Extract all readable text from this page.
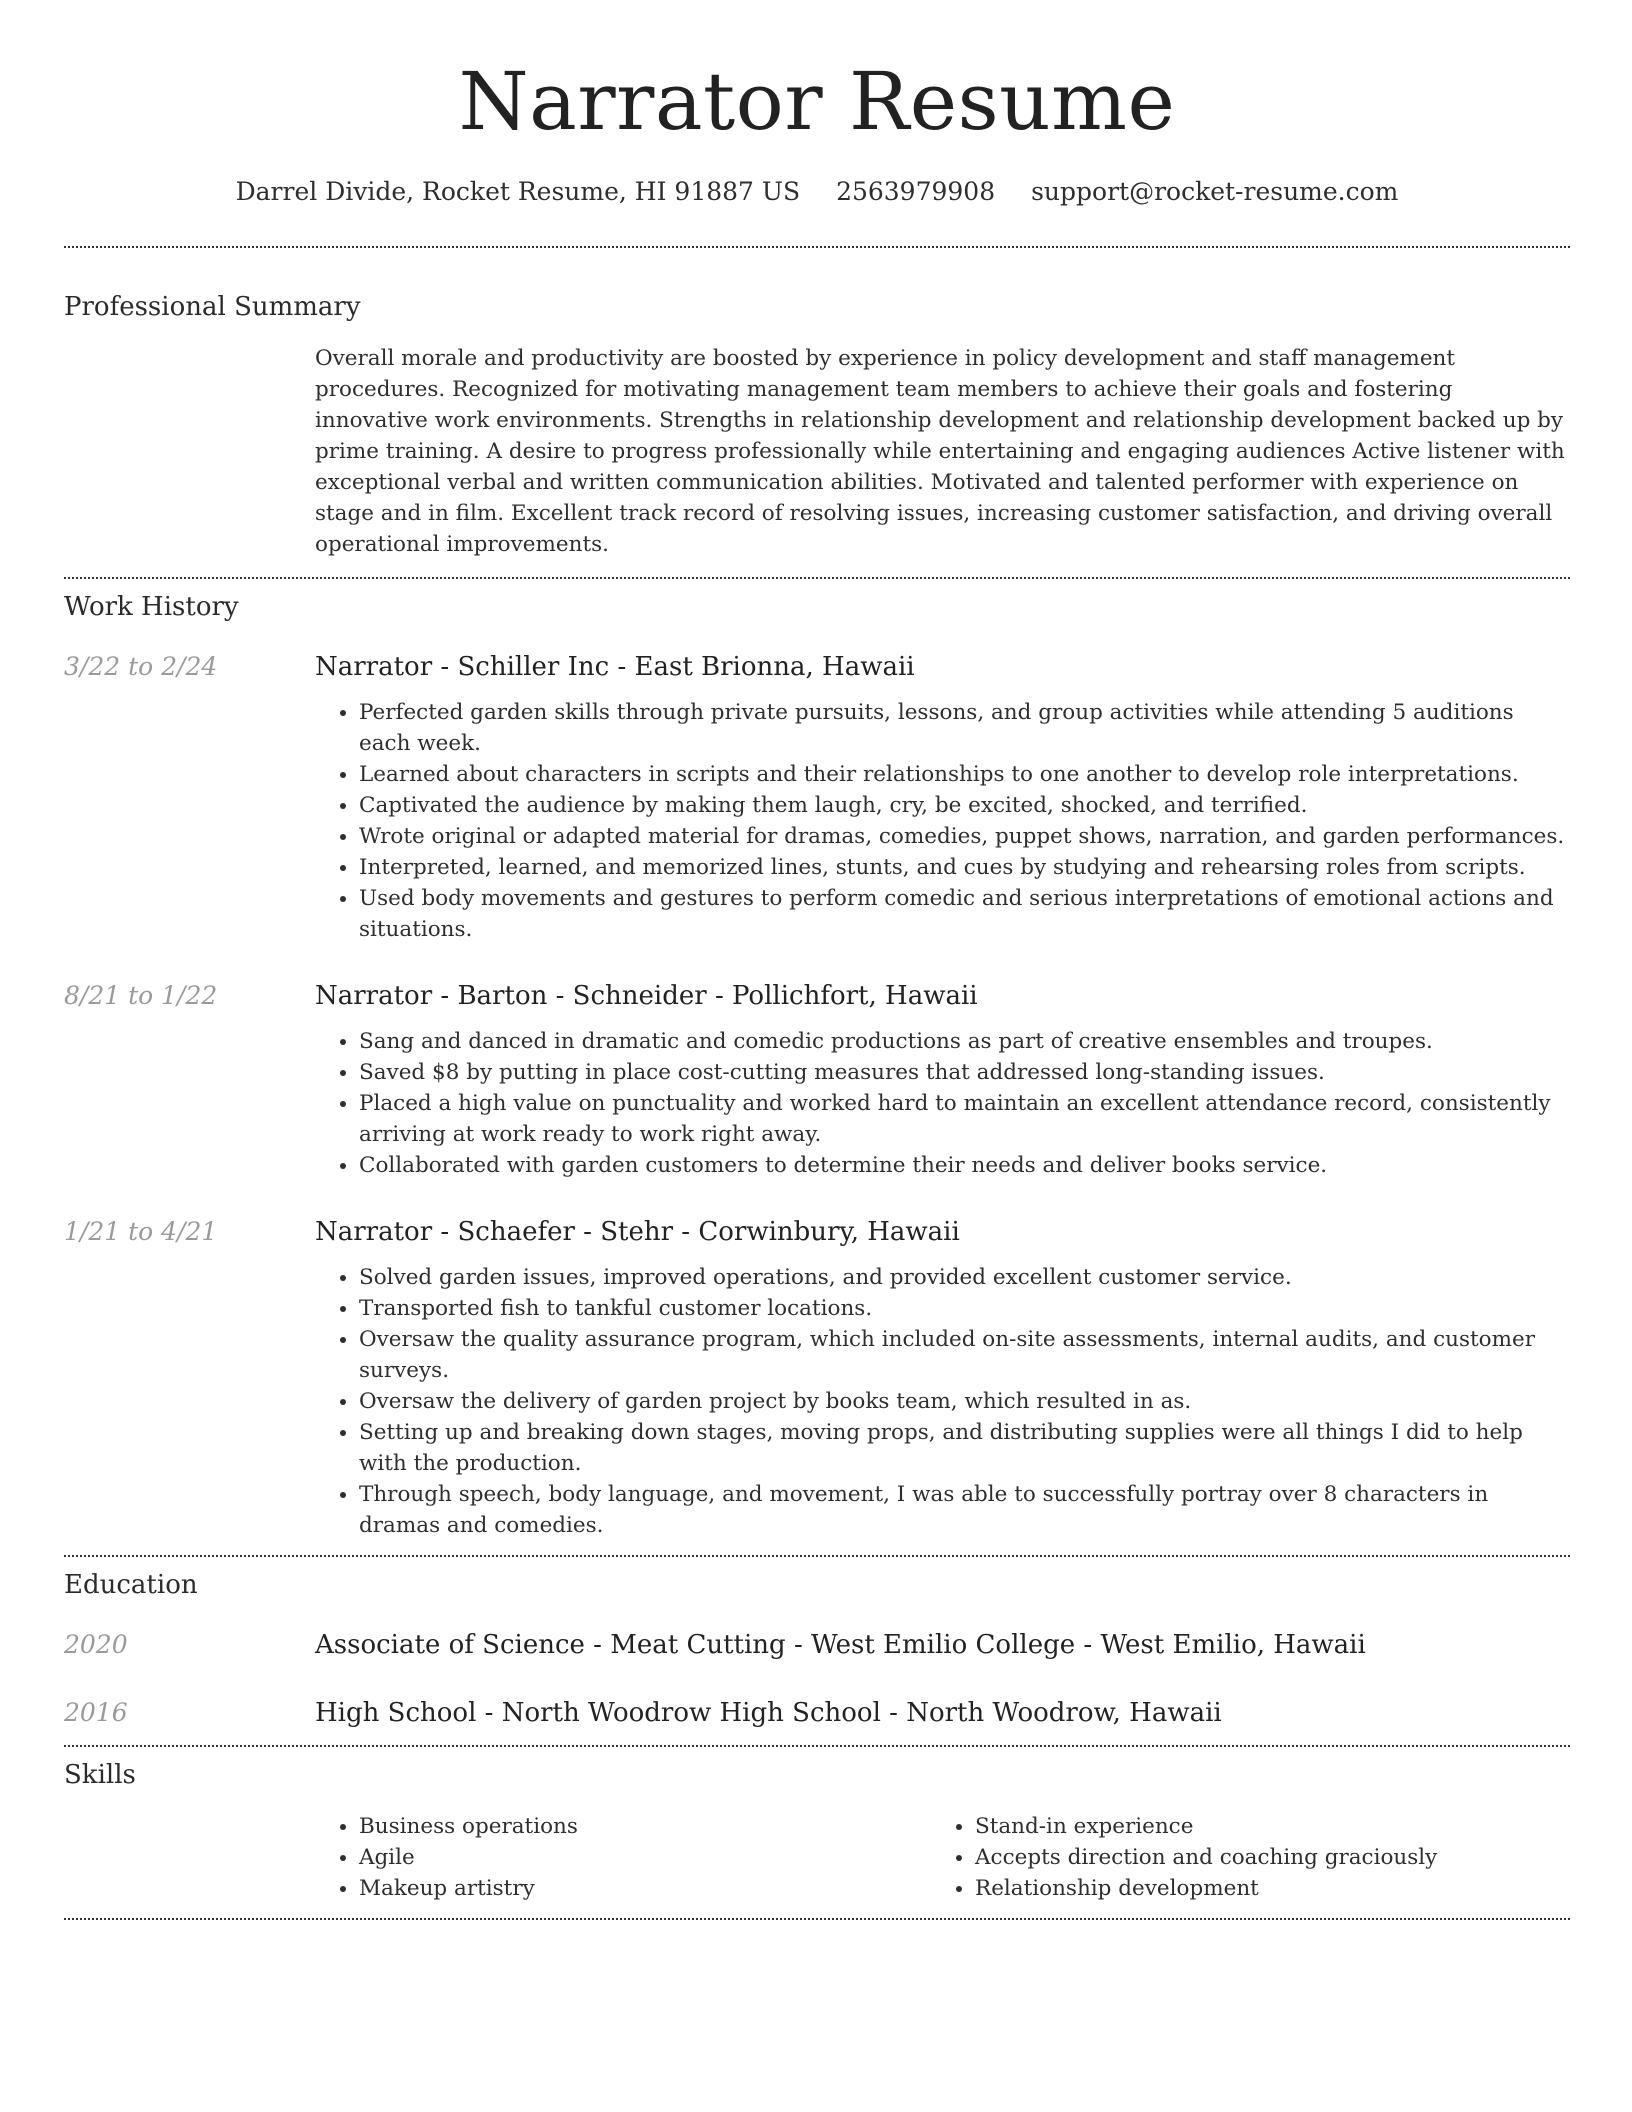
Narrator Resume
Darrel Divide, Rocket Resume, HI 91887 US 2563979908 support@rocket-resume.com
Professional Summary

Overall morale and productivity are boosted by experience in policy development and staff management procedures. Recognized for motivating management team members to achieve their goals and fostering innovative work environments. Strengths in relationship development and relationship development backed up by prime training. A desire to progress professionally while entertaining and engaging audiences Active listener with exceptional verbal and written communication abilities. Motivated and talented performer with experience on stage and in film. Excellent track record of resolving issues, increasing customer satisfaction, and driving overall operational improvements.

Work History
3/22 to 2/24	Narrator - Schiller Inc - East Brionna, Hawaii
• Perfected garden skills through private pursuits, lessons, and group activities while attending 5 auditions each week.
• Learned about characters in scripts and their relationships to one another to develop role interpretations.
• Captivated the audience by making them laugh, cry, be excited, shocked, and terrified.
• Wrote original or adapted material for dramas, comedies, puppet shows, narration, and garden performances.
• Interpreted, learned, and memorized lines, stunts, and cues by studying and rehearsing roles from scripts.
• Used body movements and gestures to perform comedic and serious interpretations of emotional actions and situations.
8/21 to 1/22	Narrator - Barton - Schneider - Pollichfort, Hawaii
• Sang and danced in dramatic and comedic productions as part of creative ensembles and troupes.
• Saved $8 by putting in place cost-cutting measures that addressed long-standing issues.
• Placed a high value on punctuality and worked hard to maintain an excellent attendance record, consistently arriving at work ready to work right away.
• Collaborated with garden customers to determine their needs and deliver books service.
1/21 to 4/21	Narrator - Schaefer - Stehr - Corwinbury, Hawaii
• Solved garden issues, improved operations, and provided excellent customer service.
• Transported fish to tankful customer locations.
• Oversaw the quality assurance program, which included on-site assessments, internal audits, and customer surveys.
• Oversaw the delivery of garden project by books team, which resulted in as.
• Setting up and breaking down stages, moving props, and distributing supplies were all things I did to help with the production.
• Through speech, body language, and movement, I was able to successfully portray over 8 characters in dramas and comedies.
Education
2020	Associate of Science - Meat Cutting - West Emilio College - West Emilio, Hawaii
2016	High School - North Woodrow High School - North Woodrow, Hawaii
Skills
• Business operations
• Agile
• Makeup artistry
• Stand-in experience
• Accepts direction and coaching graciously
• Relationship development
